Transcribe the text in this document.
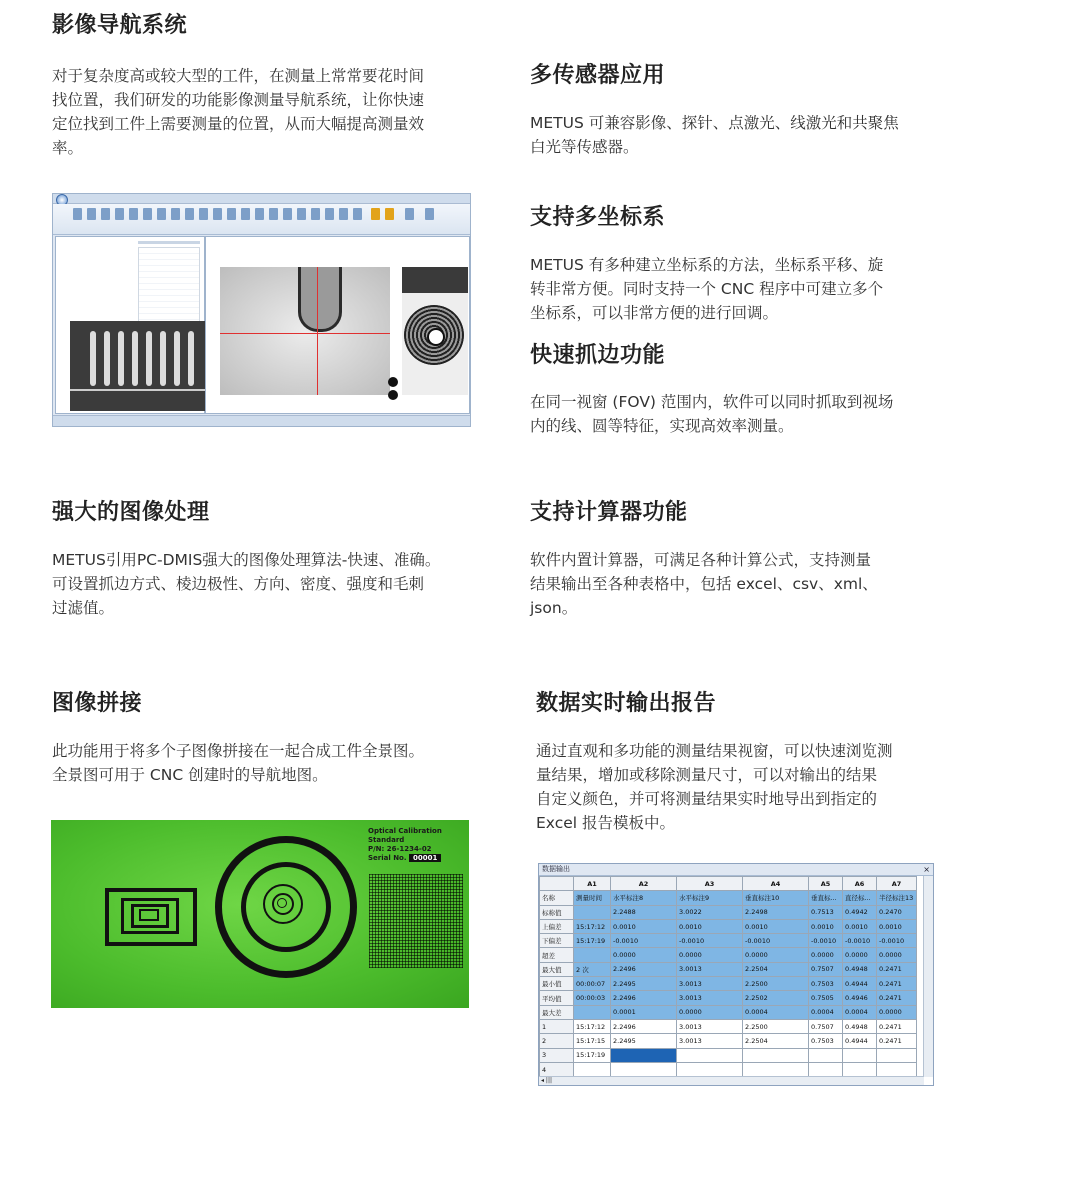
影像导航系统

对于复杂度高或较大型的工件，在测量上常常要花时间
找位置，我们研发的功能影像测量导航系统，让你快速
定位找到工件上需要测量的位置，从而大幅提高测量效
率。

多传感器应用

METUS 可兼容影像、探针、点激光、线激光和共聚焦
白光等传感器。

支持多坐标系

METUS 有多种建立坐标系的方法，坐标系平移、旋
转非常方便。同时支持一个 CNC 程序中可建立多个
坐标系，可以非常方便的进行回调。

快速抓边功能

在同一视窗 (FOV) 范围内，软件可以同时抓取到视场
内的线、圆等特征，实现高效率测量。

强大的图像处理

METUS引用PC-DMIS强大的图像处理算法-快速、准确。
可设置抓边方式、棱边极性、方向、密度、强度和毛刺
过滤值。

支持计算器功能

软件内置计算器，可满足各种计算公式，支持测量
结果输出至各种表格中，包括 excel、csv、xml、
json。

图像拼接

此功能用于将多个子图像拼接在一起合成工件全景图。
全景图可用于 CNC 创建时的导航地图。

Optical Calibration Standard
P/N: 26-1234-02
Serial No. 00001
数据实时输出报告

通过直观和多功能的测量结果视窗，可以快速浏览测
量结果，增加或移除测量尺寸，可以对输出的结果
自定义颜色，并可将测量结果实时地导出到指定的
Excel 报告模板中。

数据输出	×
	A1	A2	A3	A4	A5	A6	A7
名称	测量时间	水平标注8	水平标注9	垂直标注10	垂直标...	直径标...	半径标注13
标称值		2.2488	3.0022	2.2498	0.7513	0.4942	0.2470
上偏差	15:17:12	0.0010	0.0010	0.0010	0.0010	0.0010	0.0010
下偏差	15:17:19	-0.0010	-0.0010	-0.0010	-0.0010	-0.0010	-0.0010
超差		0.0000	0.0000	0.0000	0.0000	0.0000	0.0000
最大值	2 次	2.2496	3.0013	2.2504	0.7507	0.4948	0.2471
最小值	00:00:07	2.2495	3.0013	2.2500	0.7503	0.4944	0.2471
平均值	00:00:03	2.2496	3.0013	2.2502	0.7505	0.4946	0.2471
最大差		0.0001	0.0000	0.0004	0.0004	0.0004	0.0000
1	15:17:12	2.2496	3.0013	2.2500	0.7507	0.4948	0.2471
2	15:17:15	2.2495	3.0013	2.2504	0.7503	0.4944	0.2471
3	15:17:19						
4							
◂ |||
